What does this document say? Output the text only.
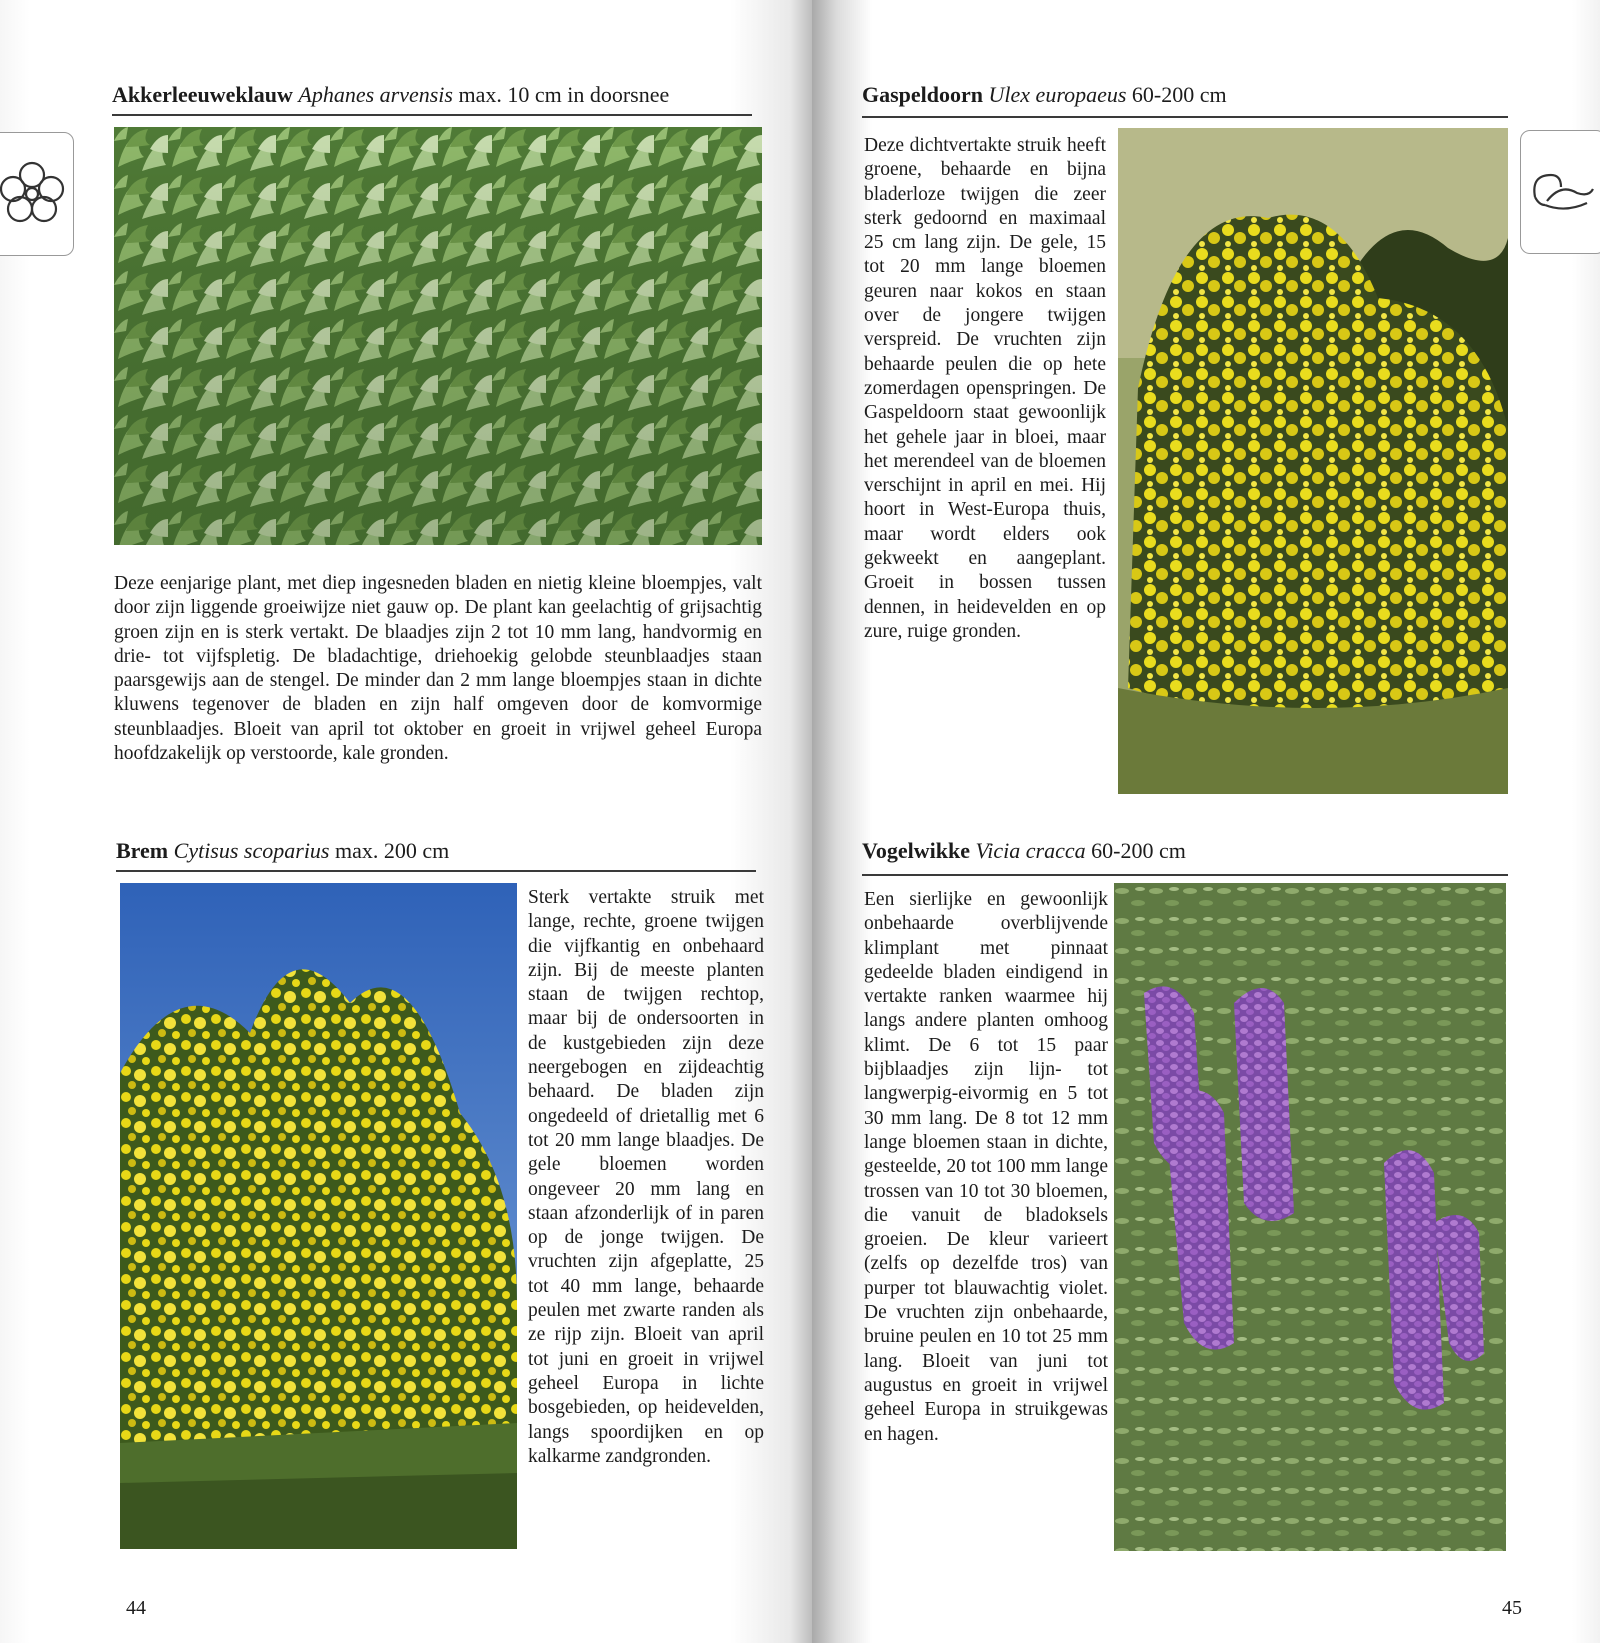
Akkerleeuweklauw Aphanes arvensis max. 10 cm in doorsnee
Deze eenjarige plant, met diep ingesneden bladen en nietig kleine bloempjes, valt door zijn liggende groeiwijze niet gauw op. De plant kan geelachtig of grijsachtig groen zijn en is sterk vertakt. De blaadjes zijn 2 tot 10 mm lang, handvormig en drie- tot vijfspletig. De bladachtige, driehoekig gelobde steunblaadjes staan paarsgewijs aan de stengel. De minder dan 2 mm lange bloempjes staan in dichte kluwens tegenover de bladen en zijn half omgeven door de komvormige steunblaadjes. Bloeit van april tot oktober en groeit in vrijwel geheel Europa hoofdzakelijk op verstoorde, kale gronden.
Brem Cytisus scoparius max. 200 cm
Sterk vertakte struik met lange, rechte, groene twijgen die vijfkantig en onbehaard zijn. Bij de meeste planten staan de twijgen rechtop, maar bij de ondersoorten in de kustgebieden zijn deze neergebogen en zijdeachtig behaard. De bladen zijn ongedeeld of drietallig met 6 tot 20 mm lange blaadjes. De gele bloemen worden ongeveer 20 mm lang en staan afzonderlijk of in paren op de jonge twijgen. De vruchten zijn afgeplatte, 25 tot 40 mm lange, behaarde peulen met zwarte randen als ze rijp zijn. Bloeit van april tot juni en groeit in vrijwel geheel Europa in lichte bosgebieden, op heidevelden, langs spoordijken en op kalkarme zandgronden.
44
Gaspeldoorn Ulex europaeus 60-200 cm
Deze dichtvertakte struik heeft groene, behaarde en bijna bladerloze twijgen die zeer sterk gedoornd en maximaal 25 cm lang zijn. De gele, 15 tot 20 mm lange bloemen geuren naar kokos en staan over de jongere twijgen verspreid. De vruchten zijn behaarde peulen die op hete zomerdagen openspringen. De Gaspeldoorn staat gewoonlijk het gehele jaar in bloei, maar het merendeel van de bloemen verschijnt in april en mei. Hij hoort in West-Europa thuis, maar wordt elders ook gekweekt en aangeplant. Groeit in bossen tussen dennen, in heidevelden en op zure, ruige gronden.
Vogelwikke Vicia cracca 60-200 cm
Een sierlijke en gewoonlijk onbehaarde overblijvende klimplant met pinnaat gedeelde bladen eindigend in vertakte ranken waarmee hij langs andere planten omhoog klimt. De 6 tot 15 paar bijblaadjes zijn lijn- tot langwerpig-eivormig en 5 tot 30 mm lang. De 8 tot 12 mm lange bloemen staan in dichte, gesteelde, 20 tot 100 mm lange trossen van 10 tot 30 bloemen, die vanuit de bladoksels groeien. De kleur varieert (zelfs op dezelfde tros) van purper tot blauwachtig violet. De vruchten zijn onbehaarde, bruine peulen en 10 tot 25 mm lang. Bloeit van juni tot augustus en groeit in vrijwel geheel Europa in struikgewas en hagen.
45
